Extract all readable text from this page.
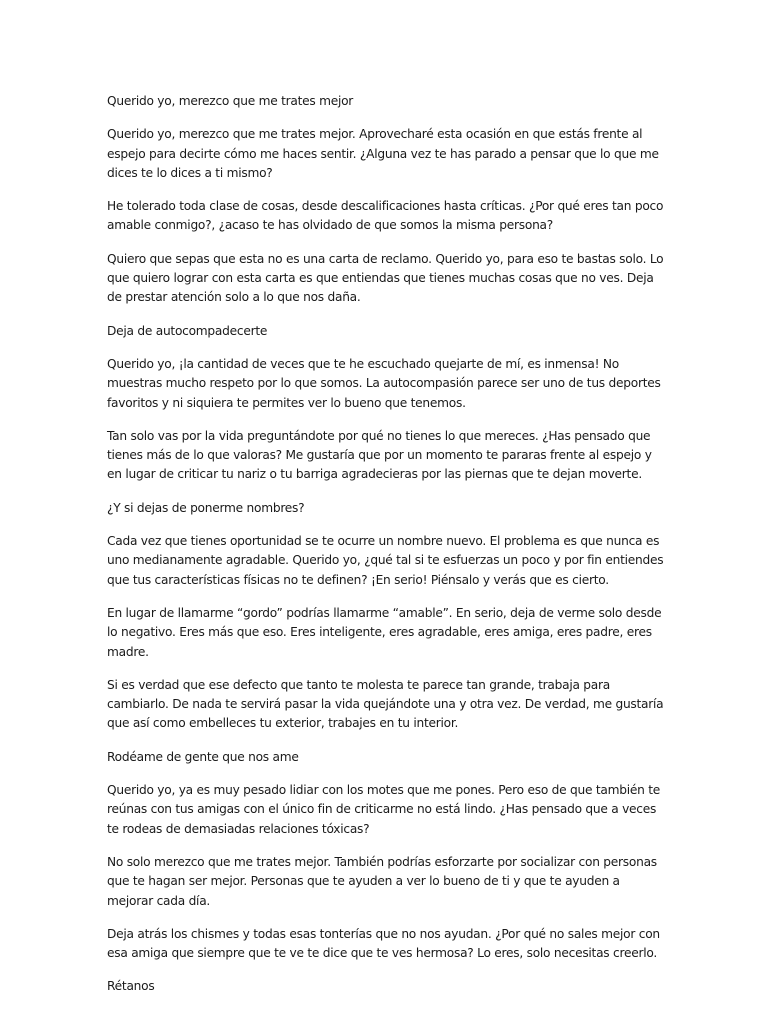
Querido yo, merezco que me trates mejor

Querido yo, merezco que me trates mejor. Aprovecharé esta ocasión en que estás frente al espejo para decirte cómo me haces sentir. ¿Alguna vez te has parado a pensar que lo que me dices te lo dices a ti mismo?

He tolerado toda clase de cosas, desde descalificaciones hasta críticas. ¿Por qué eres tan poco amable conmigo?, ¿acaso te has olvidado de que somos la misma persona?

Quiero que sepas que esta no es una carta de reclamo. Querido yo, para eso te bastas solo. Lo que quiero lograr con esta carta es que entiendas que tienes muchas cosas que no ves. Deja de prestar atención solo a lo que nos daña.

Deja de autocompadecerte

Querido yo, ¡la cantidad de veces que te he escuchado quejarte de mí, es inmensa! No muestras mucho respeto por lo que somos. La autocompasión parece ser uno de tus deportes favoritos y ni siquiera te permites ver lo bueno que tenemos.

Tan solo vas por la vida preguntándote por qué no tienes lo que mereces. ¿Has pensado que tienes más de lo que valoras? Me gustaría que por un momento te pararas frente al espejo y en lugar de criticar tu nariz o tu barriga agradecieras por las piernas que te dejan moverte.

¿Y si dejas de ponerme nombres?

Cada vez que tienes oportunidad se te ocurre un nombre nuevo. El problema es que nunca es uno medianamente agradable. Querido yo, ¿qué tal si te esfuerzas un poco y por fin entiendes que tus características físicas no te definen? ¡En serio! Piénsalo y verás que es cierto.

En lugar de llamarme “gordo” podrías llamarme “amable”. En serio, deja de verme solo desde lo negativo. Eres más que eso. Eres inteligente, eres agradable, eres amiga, eres padre, eres madre.

Si es verdad que ese defecto que tanto te molesta te parece tan grande, trabaja para cambiarlo. De nada te servirá pasar la vida quejándote una y otra vez. De verdad, me gustaría que así como embelleces tu exterior, trabajes en tu interior.

Rodéame de gente que nos ame

Querido yo, ya es muy pesado lidiar con los motes que me pones. Pero eso de que también te reúnas con tus amigas con el único fin de criticarme no está lindo. ¿Has pensado que a veces te rodeas de demasiadas relaciones tóxicas?

No solo merezco que me trates mejor. También podrías esforzarte por socializar con personas que te hagan ser mejor. Personas que te ayuden a ver lo bueno de ti y que te ayuden a mejorar cada día.

Deja atrás los chismes y todas esas tonterías que no nos ayudan. ¿Por qué no sales mejor con esa amiga que siempre que te ve te dice que te ves hermosa? Lo eres, solo necesitas creerlo.

Rétanos
